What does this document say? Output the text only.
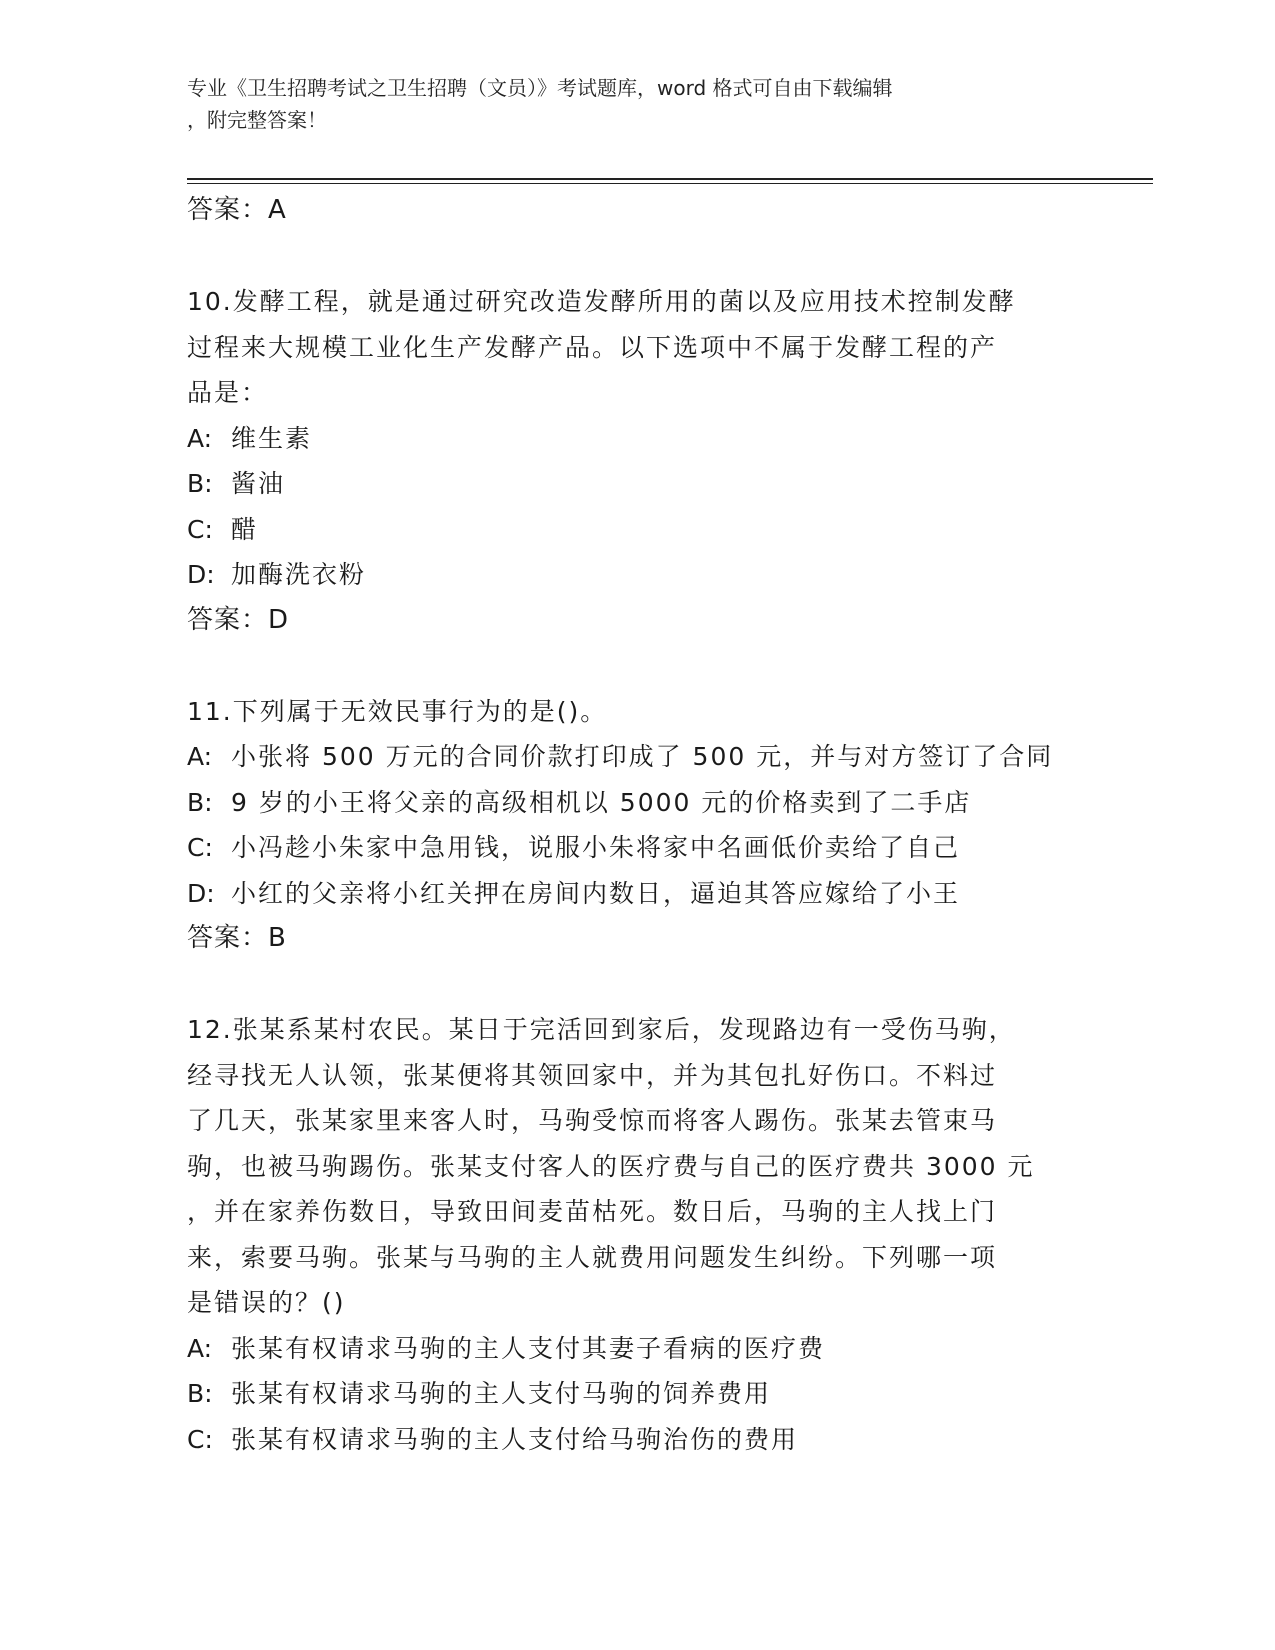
专业《卫生招聘考试之卫生招聘（文员）》考试题库，word 格式可自由下载编辑
，附完整答案！
答案：A
10.发酵工程，就是通过研究改造发酵所用的菌以及应用技术控制发酵
过程来大规模工业化生产发酵产品。以下选项中不属于发酵工程的产
品是：
A: 维生素
B: 酱油
C: 醋
D: 加酶洗衣粉
答案：D
11.下列属于无效民事行为的是()。
A: 小张将 500 万元的合同价款打印成了 500 元，并与对方签订了合同
B: 9 岁的小王将父亲的高级相机以 5000 元的价格卖到了二手店
C: 小冯趁小朱家中急用钱，说服小朱将家中名画低价卖给了自己
D: 小红的父亲将小红关押在房间内数日，逼迫其答应嫁给了小王
答案：B
12.张某系某村农民。某日于完活回到家后，发现路边有一受伤马驹，
经寻找无人认领，张某便将其领回家中，并为其包扎好伤口。不料过
了几天，张某家里来客人时，马驹受惊而将客人踢伤。张某去管束马
驹，也被马驹踢伤。张某支付客人的医疗费与自己的医疗费共 3000 元
，并在家养伤数日，导致田间麦苗枯死。数日后，马驹的主人找上门
来，索要马驹。张某与马驹的主人就费用问题发生纠纷。下列哪一项
是错误的？()
A: 张某有权请求马驹的主人支付其妻子看病的医疗费
B: 张某有权请求马驹的主人支付马驹的饲养费用
C: 张某有权请求马驹的主人支付给马驹治伤的费用
